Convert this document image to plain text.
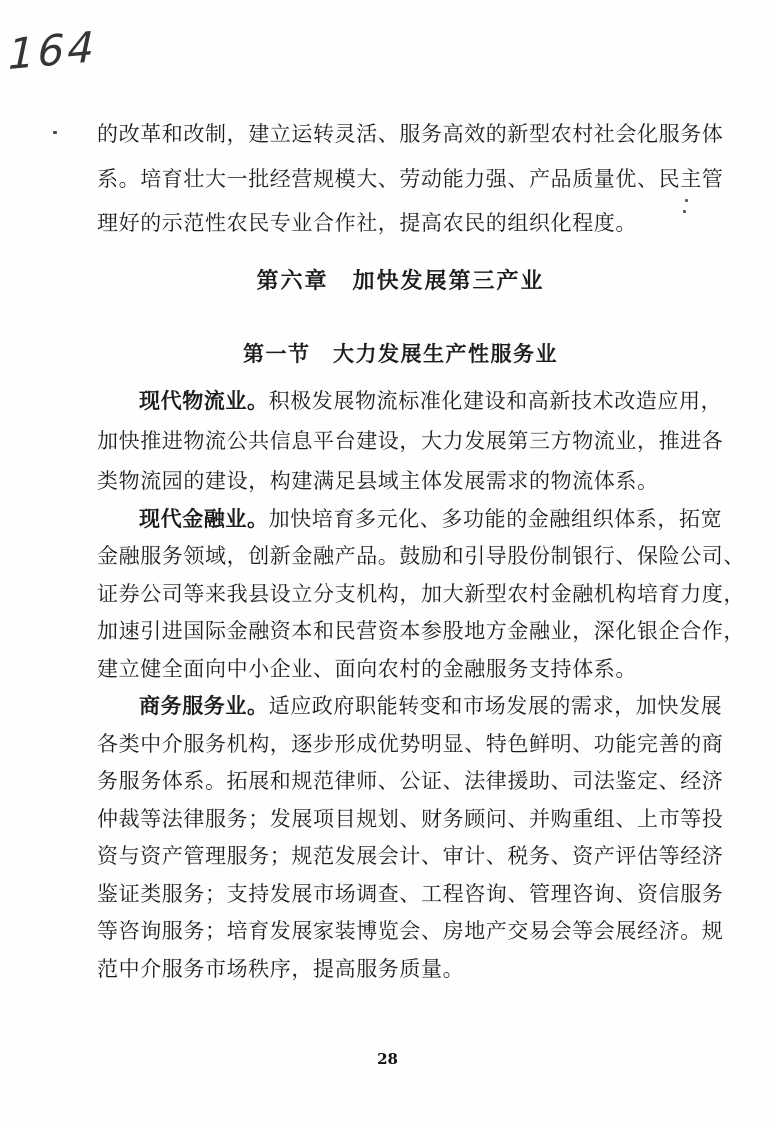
164
的改革和改制，建立运转灵活、服务高效的新型农村社会化服务体
系。培育壮大一批经营规模大、劳动能力强、产品质量优、民主管
理好的示范性农民专业合作社，提高农民的组织化程度。
第六章　加快发展第三产业
第一节　大力发展生产性服务业
现代物流业。积极发展物流标准化建设和高新技术改造应用，
加快推进物流公共信息平台建设，大力发展第三方物流业，推进各
类物流园的建设，构建满足县域主体发展需求的物流体系。
现代金融业。加快培育多元化、多功能的金融组织体系，拓宽
金融服务领域，创新金融产品。鼓励和引导股份制银行、保险公司、
证券公司等来我县设立分支机构，加大新型农村金融机构培育力度，
加速引进国际金融资本和民营资本参股地方金融业，深化银企合作，
建立健全面向中小企业、面向农村的金融服务支持体系。
商务服务业。适应政府职能转变和市场发展的需求，加快发展
各类中介服务机构，逐步形成优势明显、特色鲜明、功能完善的商
务服务体系。拓展和规范律师、公证、法律援助、司法鉴定、经济
仲裁等法律服务；发展项目规划、财务顾问、并购重组、上市等投
资与资产管理服务；规范发展会计、审计、税务、资产评估等经济
鉴证类服务；支持发展市场调查、工程咨询、管理咨询、资信服务
等咨询服务；培育发展家装博览会、房地产交易会等会展经济。规
范中介服务市场秩序，提高服务质量。
28
